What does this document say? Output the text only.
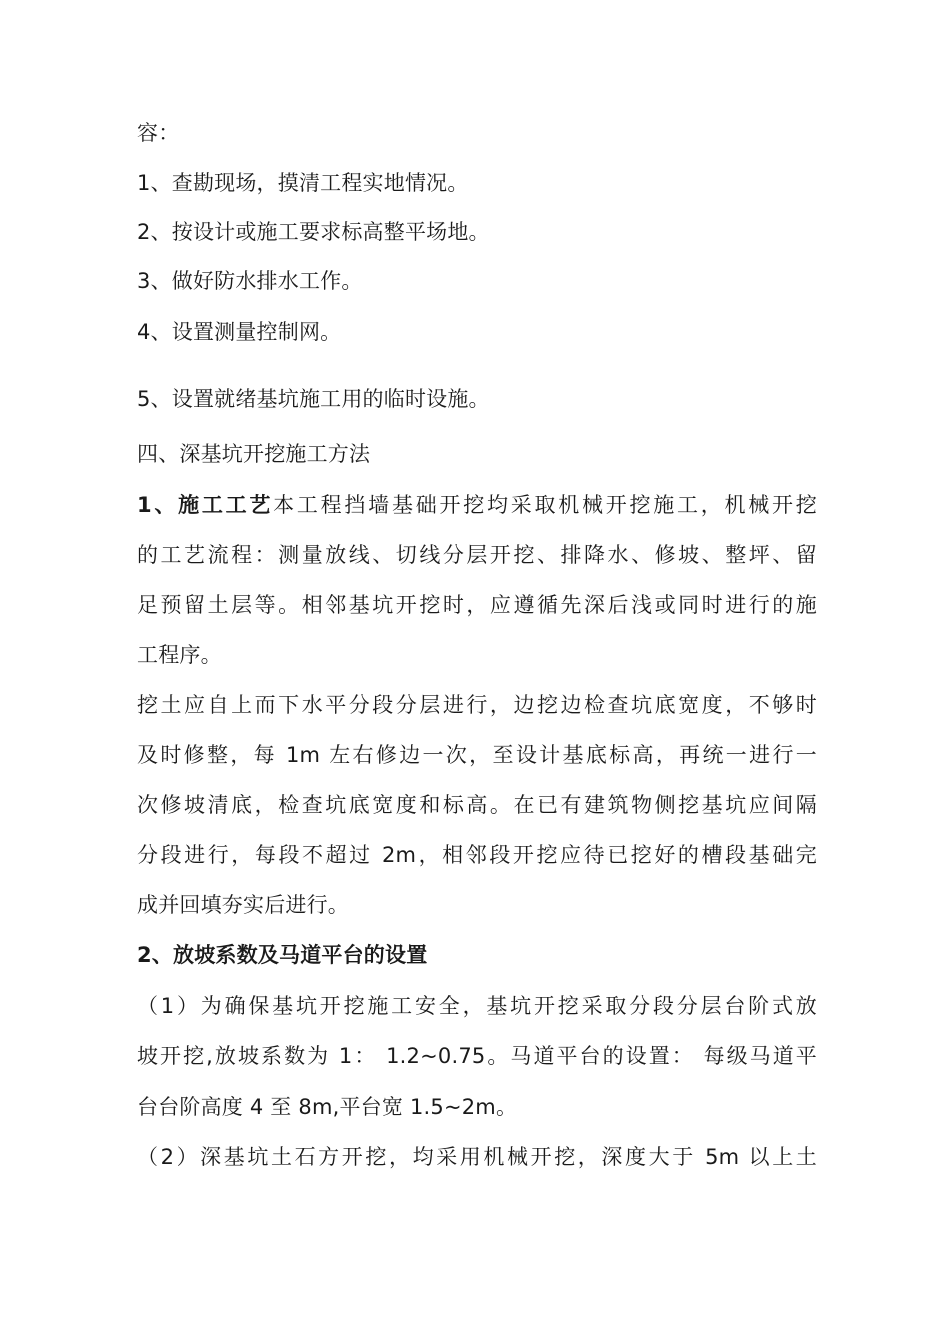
容：
1、查勘现场，摸清工程实地情况。
2、按设计或施工要求标高整平场地。
3、做好防水排水工作。
4、设置测量控制网。
5、设置就绪基坑施工用的临时设施。
四、深基坑开挖施工方法
1、施工工艺本工程挡墙基础开挖均采取机械开挖施工，机械开挖
的工艺流程：测量放线、切线分层开挖、排降水、修坡、整坪、留
足预留土层等。相邻基坑开挖时，应遵循先深后浅或同时进行的施
工程序。
挖土应自上而下水平分段分层进行，边挖边检查坑底宽度，不够时
及时修整，每 1m 左右修边一次，至设计基底标高，再统一进行一
次修坡清底，检查坑底宽度和标高。在已有建筑物侧挖基坑应间隔
分段进行，每段不超过 2m，相邻段开挖应待已挖好的槽段基础完
成并回填夯实后进行。
2、放坡系数及马道平台的设置
（1）为确保基坑开挖施工安全，基坑开挖采取分段分层台阶式放
坡开挖,放坡系数为 1： 1.2~0.75。马道平台的设置： 每级马道平
台台阶高度 4 至 8m,平台宽 1.5~2m。
（2）深基坑土石方开挖，均采用机械开挖，深度大于 5m 以上土
